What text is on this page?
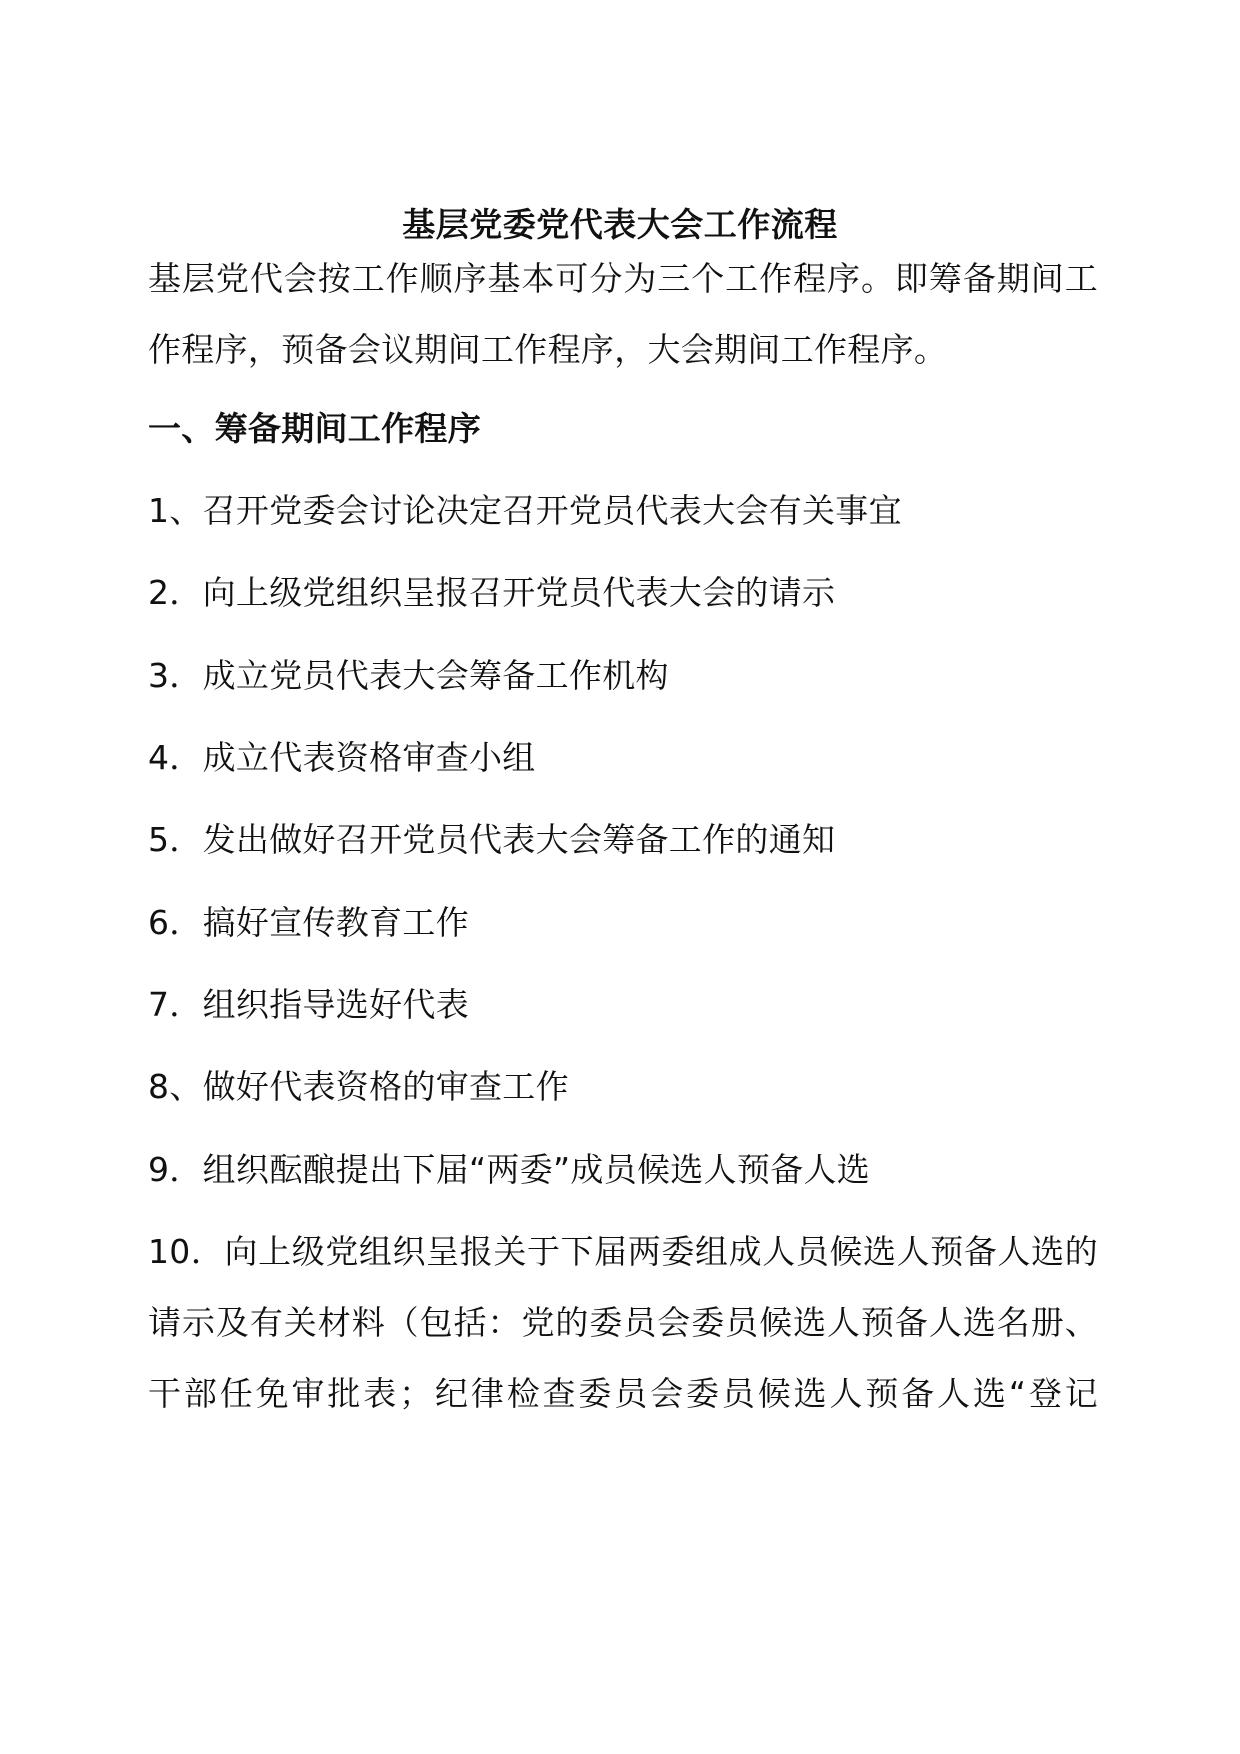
基层党委党代表大会工作流程
基层党代会按工作顺序基本可分为三个工作程序。即筹备期间工
作程序，预备会议期间工作程序，大会期间工作程序。
一、筹备期间工作程序
1、召开党委会讨论决定召开党员代表大会有关事宜
2．向上级党组织呈报召开党员代表大会的请示
3．成立党员代表大会筹备工作机构
4．成立代表资格审查小组
5．发出做好召开党员代表大会筹备工作的通知
6．搞好宣传教育工作
7．组织指导选好代表
8、做好代表资格的审查工作
9．组织酝酿提出下届“两委”成员候选人预备人选
10．向上级党组织呈报关于下届两委组成人员候选人预备人选的
请示及有关材料（包括：党的委员会委员候选人预备人选名册、
干部任免审批表；纪律检查委员会委员候选人预备人选“登记
